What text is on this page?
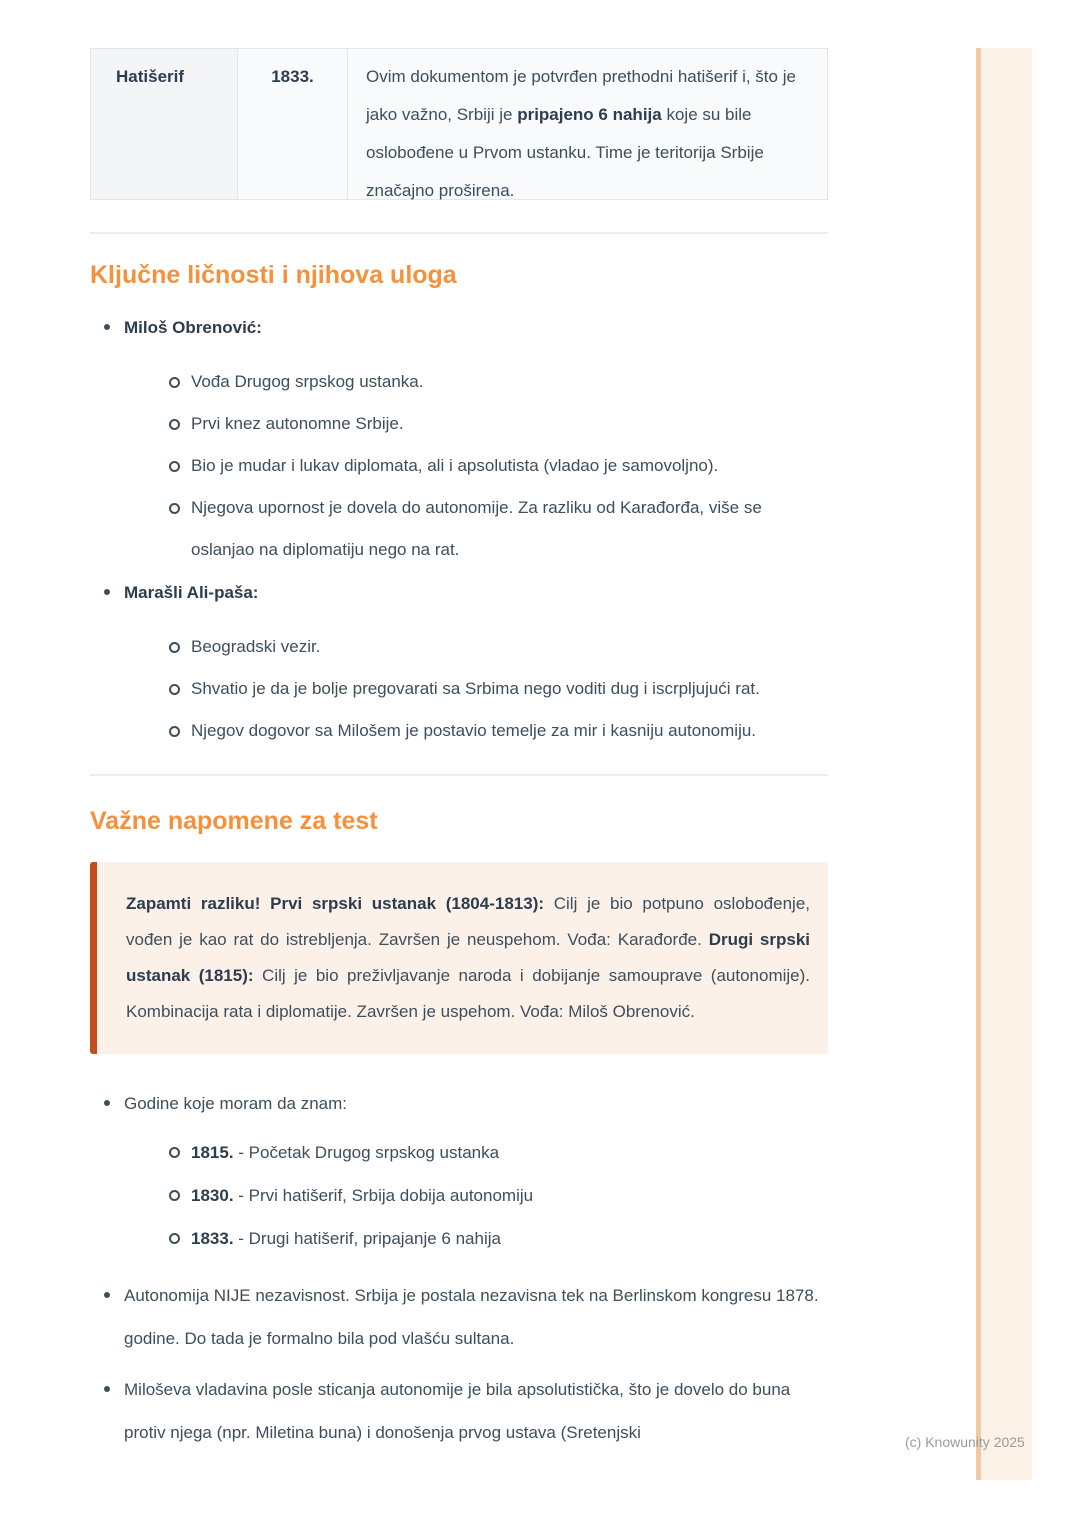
Hatišerif	1833.	Ovim dokumentom je potvrđen prethodni hatišerif i, što je jako važno, Srbiji je pripajeno 6 nahija koje su bile oslobođene u Prvom ustanku. Time je teritorija Srbije značajno proširena.
Ključne ličnosti i njihova uloga
Miloš Obrenović:
Vođa Drugog srpskog ustanka.
Prvi knez autonomne Srbije.
Bio je mudar i lukav diplomata, ali i apsolutista (vladao je samovoljno).
Njegova upornost je dovela do autonomije. Za razliku od Karađorđa, više se oslanjao na diplomatiju nego na rat.
Marašli Ali-paša:
Beogradski vezir.
Shvatio je da je bolje pregovarati sa Srbima nego voditi dug i iscrpljujući rat.
Njegov dogovor sa Milošem je postavio temelje za mir i kasniju autonomiju.
Važne napomene za test
Zapamti razliku! Prvi srpski ustanak (1804-1813): Cilj je bio potpuno oslobođenje, vođen je kao rat do istrebljenja. Završen je neuspehom. Vođa: Karađorđe. Drugi srpski ustanak (1815): Cilj je bio preživljavanje naroda i dobijanje samouprave (autonomije). Kombinacija rata i diplomatije. Završen je uspehom. Vođa: Miloš Obrenović.
Godine koje moram da znam:
1815. - Početak Drugog srpskog ustanka
1830. - Prvi hatišerif, Srbija dobija autonomiju
1833. - Drugi hatišerif, pripajanje 6 nahija
Autonomija NIJE nezavisnost. Srbija je postala nezavisna tek na Berlinskom kongresu 1878. godine. Do tada je formalno bila pod vlašću sultana.
Miloševa vladavina posle sticanja autonomije je bila apsolutistička, što je dovelo do buna protiv njega (npr. Miletina buna) i donošenja prvog ustava (Sretenjski	(c) Knowunity 2025
